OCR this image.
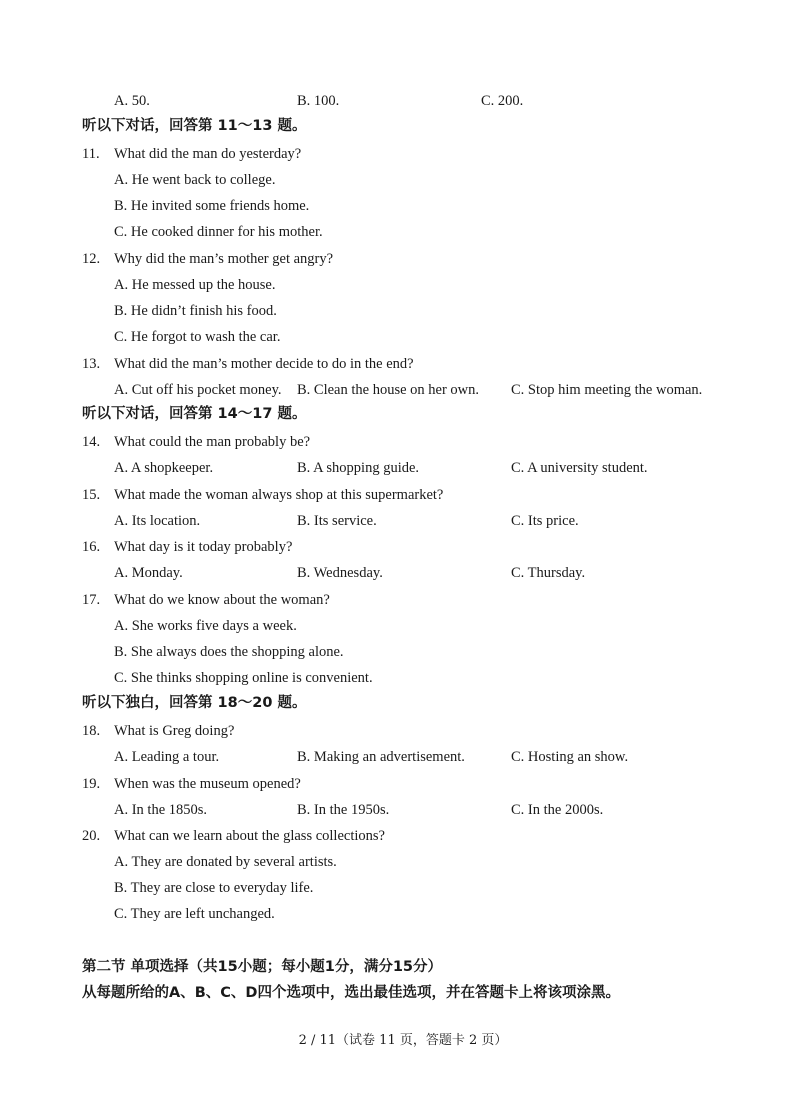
A. 50.	B. 100.	C. 200.
听以下对话，回答第 11～13 题。
11. What did the man do yesterday?
A. He went back to college.
B. He invited some friends home.
C. He cooked dinner for his mother.
12. Why did the man’s mother get angry?
A. He messed up the house.
B. He didn’t finish his food.
C. He forgot to wash the car.
13. What did the man’s mother decide to do in the end?
A. Cut off his pocket money. B. Clean the house on her own. C. Stop him meeting the woman.
听以下对话，回答第 14～17 题。
14. What could the man probably be?
A. A shopkeeper.	B. A shopping guide.	C. A university student.
15. What made the woman always shop at this supermarket?
A. Its location.	B. Its service.	C. Its price.
16. What day is it today probably?
A. Monday.	B. Wednesday.	C. Thursday.
17. What do we know about the woman?
A. She works five days a week.
B. She always does the shopping alone.
C. She thinks shopping online is convenient.
听以下独白，回答第 18～20 题。
18. What is Greg doing?
A. Leading a tour.	B. Making an advertisement.	C. Hosting an show.
19. When was the museum opened?
A. In the 1850s.	B. In the 1950s.	C. In the 2000s.
20. What can we learn about the glass collections?
A. They are donated by several artists.
B. They are close to everyday life.
C. They are left unchanged.
第二节 单项选择（共15小题；每小题1分，满分15分）
从每题所给的A、B、C、D四个选项中，选出最佳选项，并在答题卡上将该项涂黑。
2 / 11（试卷 11 页，答题卡 2 页）
